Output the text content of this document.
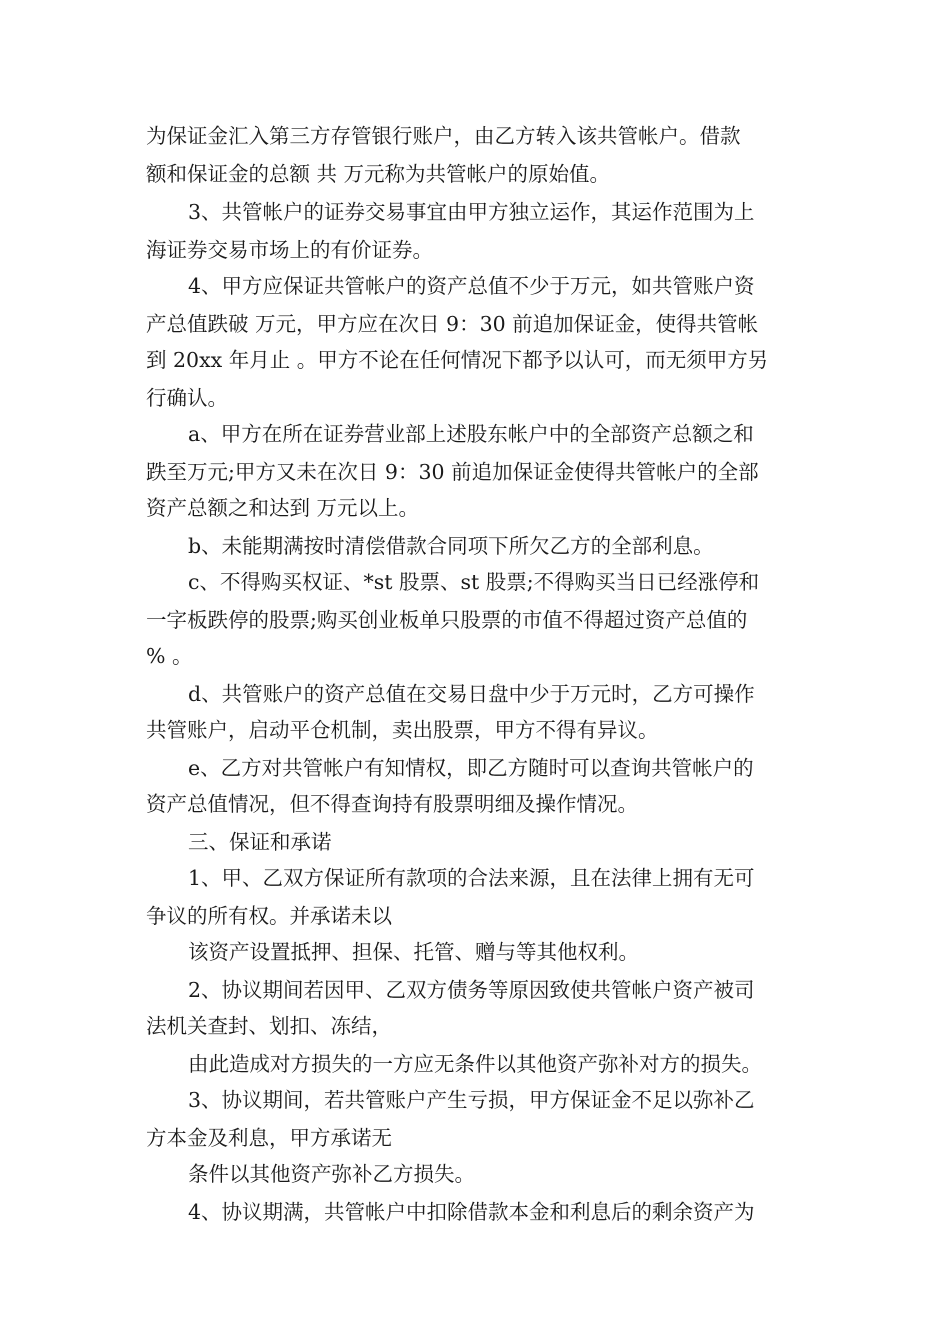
为保证金汇入第三方存管银行账户，由乙方转入该共管帐户。借款
额和保证金的总额 共 万元称为共管帐户的原始值。
3、共管帐户的证券交易事宜由甲方独立运作，其运作范围为上
海证券交易市场上的有价证券。
4、甲方应保证共管帐户的资产总值不少于万元，如共管账户资
产总值跌破 万元，甲方应在次日 9：30 前追加保证金，使得共管帐
到 20xx 年月止 。甲方不论在任何情况下都予以认可，而无须甲方另
行确认。
a、甲方在所在证券营业部上述股东帐户中的全部资产总额之和
跌至万元;甲方又未在次日 9：30 前追加保证金使得共管帐户的全部
资产总额之和达到 万元以上。
b、未能期满按时清偿借款合同项下所欠乙方的全部利息。
c、不得购买权证、*st 股票、st 股票;不得购买当日已经涨停和
一字板跌停的股票;购买创业板单只股票的市值不得超过资产总值的
% 。
d、共管账户的资产总值在交易日盘中少于万元时，乙方可操作
共管账户，启动平仓机制，卖出股票，甲方不得有异议。
e、乙方对共管帐户有知情权，即乙方随时可以查询共管帐户的
资产总值情况，但不得查询持有股票明细及操作情况。
三、保证和承诺
1、甲、乙双方保证所有款项的合法来源，且在法律上拥有无可
争议的所有权。并承诺未以
该资产设置抵押、担保、托管、赠与等其他权利。
2、协议期间若因甲、乙双方债务等原因致使共管帐户资产被司
法机关查封、划扣、冻结，
由此造成对方损失的一方应无条件以其他资产弥补对方的损失。
3、协议期间，若共管账户产生亏损，甲方保证金不足以弥补乙
方本金及利息，甲方承诺无
条件以其他资产弥补乙方损失。
4、协议期满，共管帐户中扣除借款本金和利息后的剩余资产为
